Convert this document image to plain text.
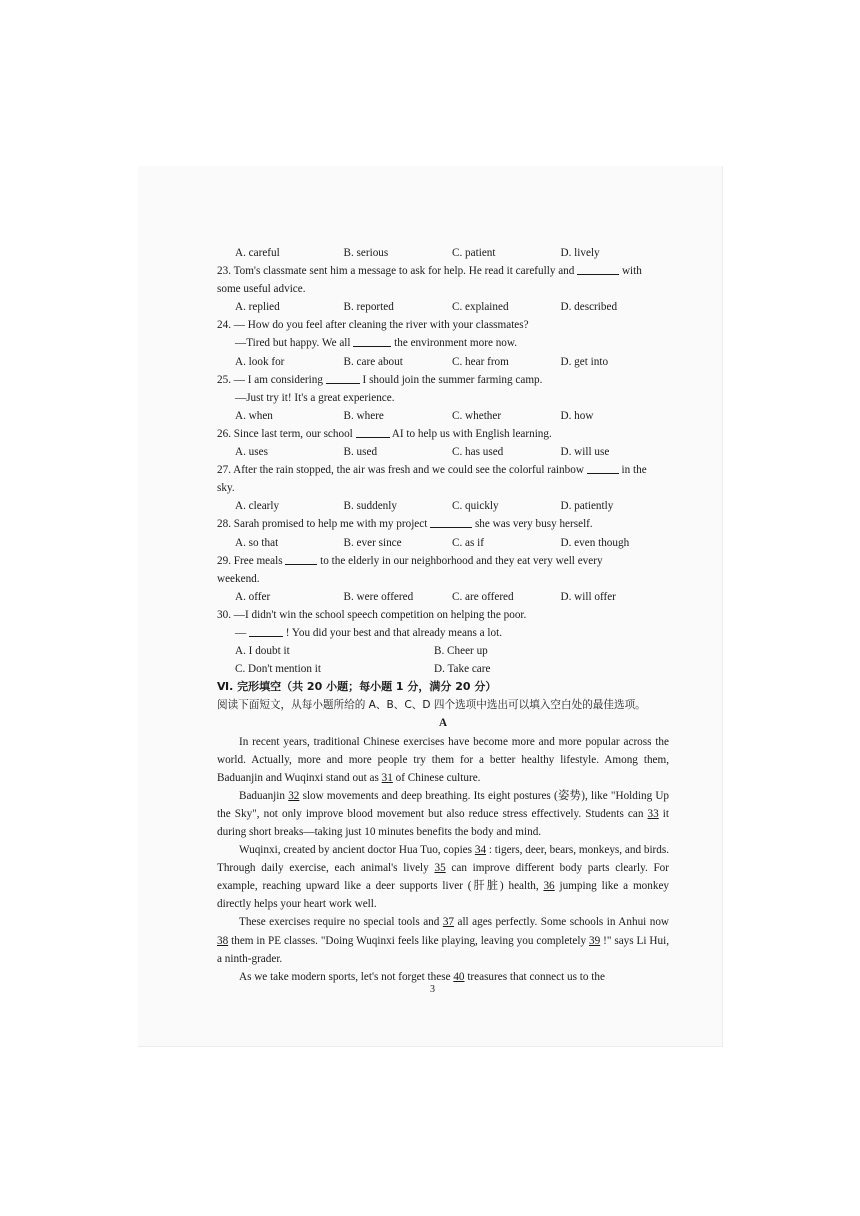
A. careful	B. serious	C. patient	D. lively
23. Tom's classmate sent him a message to ask for help. He read it carefully and	with
some useful advice.
A. replied	B. reported	C. explained	D. described
24. — How do you feel after cleaning the river with your classmates?
—Tired but happy. We all	the environment more now.
A. look for	B. care about	C. hear from	D. get into
25. — I am considering	I should join the summer farming camp.
—Just try it! It's a great experience.
A. when	B. where	C. whether	D. how
26. Since last term, our school	AI to help us with English learning.
A. uses	B. used	C. has used	D. will use
27. After the rain stopped, the air was fresh and we could see the colorful rainbow	in the
sky.
A. clearly	B. suddenly	C. quickly	D. patiently
28. Sarah promised to help me with my project	she was very busy herself.
A. so that	B. ever since	C. as if	D. even though
29. Free meals	to the elderly in our neighborhood and they eat very well every
weekend.
A. offer	B. were offered	C. are offered	D. will offer
30. —I didn't win the school speech competition on helping the poor.
—	! You did your best and that already means a lot.
A. I doubt it	B. Cheer up
C. Don't mention it	D. Take care
Ⅵ. 完形填空（共 20 小题；每小题 1 分，满分 20 分）
阅读下面短文，从每小题所给的 A、B、C、D 四个选项中选出可以填入空白处的最佳选项。
A
In recent years, traditional Chinese exercises have become more and more popular across the world. Actually, more and more people try them for a better healthy lifestyle. Among them, Baduanjin and Wuqinxi stand out as 31 of Chinese culture.
Baduanjin 32 slow movements and deep breathing. Its eight postures (姿势), like "Holding Up the Sky", not only improve blood movement but also reduce stress effectively. Students can 33 it during short breaks—taking just 10 minutes benefits the body and mind.
Wuqinxi, created by ancient doctor Hua Tuo, copies 34 : tigers, deer, bears, monkeys, and birds. Through daily exercise, each animal's lively 35 can improve different body parts clearly. For example, reaching upward like a deer supports liver (肝脏) health, 36 jumping like a monkey directly helps your heart work well.
These exercises require no special tools and 37 all ages perfectly. Some schools in Anhui now 38 them in PE classes. "Doing Wuqinxi feels like playing, leaving you completely 39 !" says Li Hui, a ninth-grader.
As we take modern sports, let's not forget these 40 treasures that connect us to the
3
